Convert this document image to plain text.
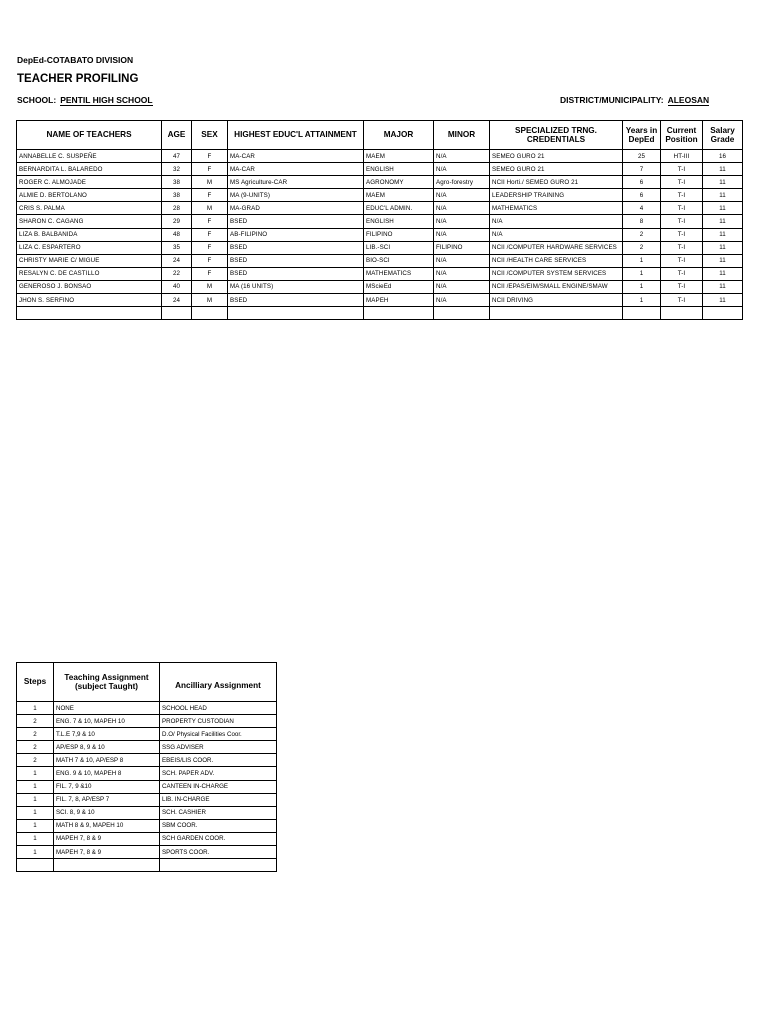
DepEd-COTABATO DIVISION
TEACHER PROFILING
SCHOOL: PENTIL HIGH SCHOOL	DISTRICT/MUNICIPALITY: ALEOSAN
NAME OF TEACHERS	AGE	SEX	HIGHEST EDUC'L ATTAINMENT	MAJOR	MINOR	SPECIALIZED TRNG. CREDENTIALS	Years in DepEd	Current Position	Salary Grade
ANNABELLE C. SUSPEÑE	47	F	MA-CAR	MAEM	N/A	SEMEO GURO 21	25	HT-III	16
BERNARDITA L. BALAREDO	32	F	MA-CAR	ENGLISH	N/A	SEMEO GURO 21	7	T-I	11
ROGER C. ALMOJADE	38	M	MS Agriculture-CAR	AGRONOMY	Agro-forestry	NCII Horti./ SEMEO GURO 21	6	T-I	11
ALMIE D. BERTOLANO	38	F	MA (9-UNITS)	MAEM	N/A	LEADERSHIP TRAINING	6	T-I	11
CRIS S. PALMA	28	M	MA-GRAD	EDUC'L ADMIN.	N/A	MATHEMATICS	4	T-I	11
SHARON C. CAGANG	29	F	BSED	ENGLISH	N/A	N/A	8	T-I	11
LIZA B. BALBANIDA	48	F	AB-FILIPINO	FILIPINO	N/A	N/A	2	T-I	11
LIZA C. ESPARTERO	35	F	BSED	LIB.-SCI	FILIPINO	NCII /COMPUTER HARDWARE SERVICES	2	T-I	11
CHRISTY MARIE C/ MIGUE	24	F	BSED	BIO-SCI	N/A	NCII /HEALTH CARE SERVICES	1	T-I	11
RESALYN C. DE CASTILLO	22	F	BSED	MATHEMATICS	N/A	NCII /COMPUTER SYSTEM SERVICES	1	T-I	11
GENEROSO J. BONSAO	40	M	MA (16 UNITS)	MScieEd	N/A	NCII /EPAS/EIM/SMALL ENGINE/SMAW	1	T-I	11
JHON S. SERFINO	24	M	BSED	MAPEH	N/A	NCII DRIVING	1	T-I	11

Steps	Teaching Assignment (subject Taught)	Ancilliary Assignment
1	NONE	SCHOOL HEAD
2	ENG. 7 & 10, MAPEH 10	PROPERTY CUSTODIAN
2	T.L.E 7,9 & 10	D.O/ Physical Facilities Coor.
2	AP/ESP 8, 9 & 10	SSG ADVISER
2	MATH 7 & 10, AP/ESP 8	EBEIS/LIS COOR.
1	ENG. 9 & 10, MAPEH 8	SCH. PAPER ADV.
1	FIL. 7, 9 &10	CANTEEN IN-CHARGE
1	FIL. 7, 8, AP/ESP 7	LIB. IN-CHARGE
1	SCI. 8, 9 & 10	SCH. CASHIER
1	MATH 8 & 9, MAPEH 10	SBM COOR.
1	MAPEH 7, 8 & 9	SCH GARDEN COOR.
1	MAPEH 7, 8 & 9	SPORTS COOR.
